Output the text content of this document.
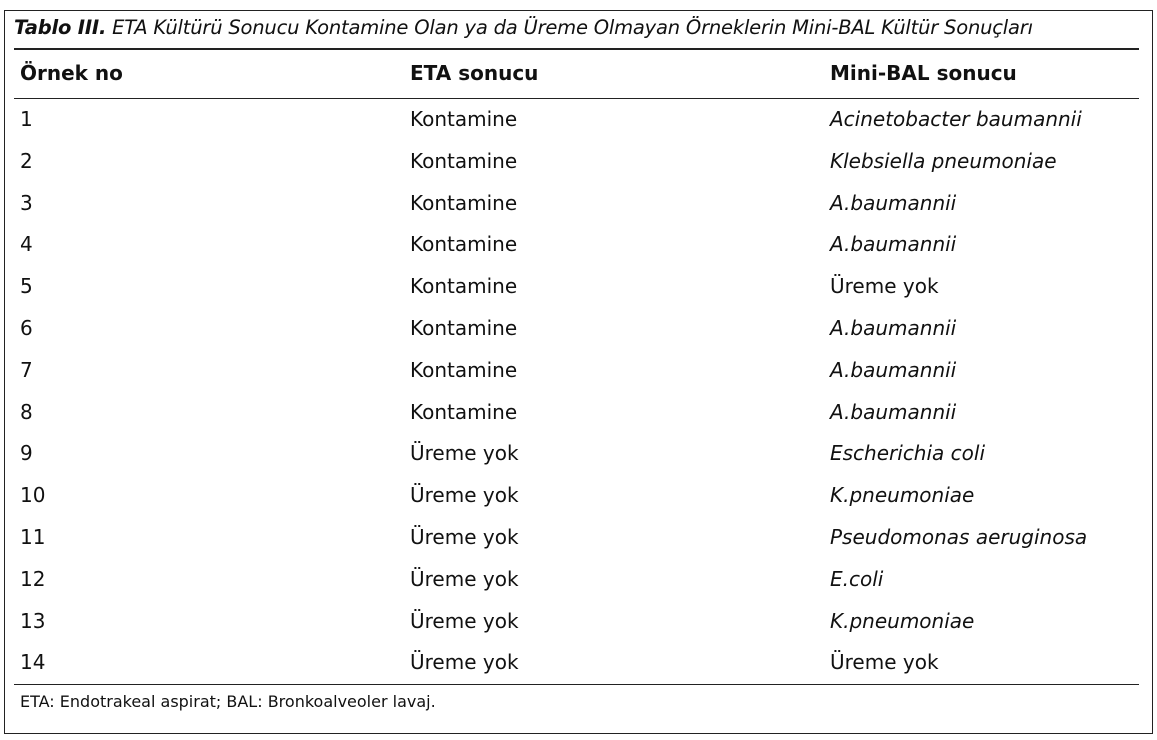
Tablo III. ETA Kültürü Sonucu Kontamine Olan ya da Üreme Olmayan Örneklerin Mini-BAL Kültür Sonuçları
Örnek no	ETA sonucu	Mini-BAL sonucu
1	Kontamine	Acinetobacter baumannii
2	Kontamine	Klebsiella pneumoniae
3	Kontamine	A.baumannii
4	Kontamine	A.baumannii
5	Kontamine	Üreme yok
6	Kontamine	A.baumannii
7	Kontamine	A.baumannii
8	Kontamine	A.baumannii
9	Üreme yok	Escherichia coli
10	Üreme yok	K.pneumoniae
11	Üreme yok	Pseudomonas aeruginosa
12	Üreme yok	E.coli
13	Üreme yok	K.pneumoniae
14	Üreme yok	Üreme yok
ETA: Endotrakeal aspirat; BAL: Bronkoalveoler lavaj.
